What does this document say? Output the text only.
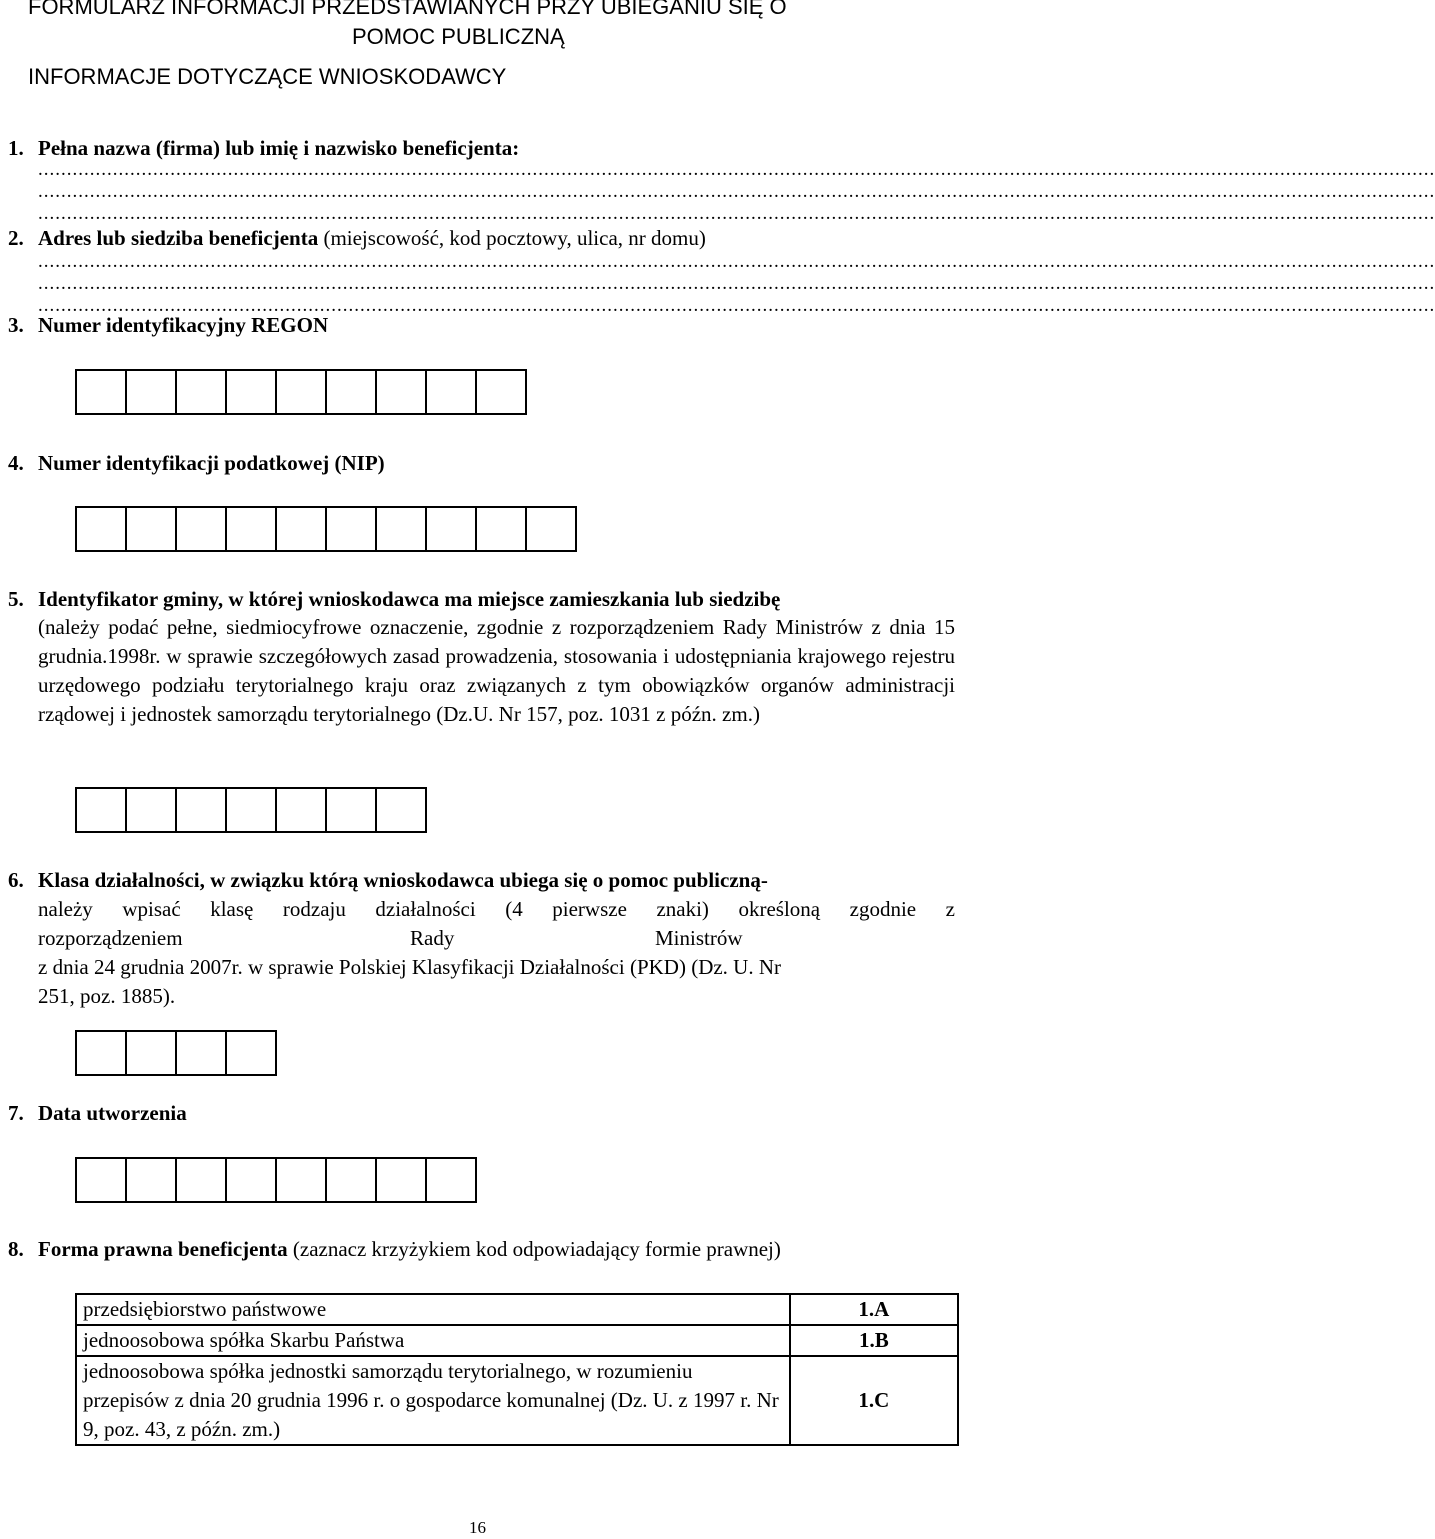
FORMULARZ INFORMACJI PRZEDSTAWIANYCH PRZY UBIEGANIU SIĘ O
POMOC PUBLICZNĄ
INFORMACJE DOTYCZĄCE WNIOSKODAWCY
1. Pełna nazwa (firma) lub imię i nazwisko beneficjenta:
...................................................................................................................................................................................................................................................
...................................................................................................................................................................................................................................................
...................................................................................................................................................................................................................................................
2. Adres lub siedziba beneficjenta (miejscowość, kod pocztowy, ulica, nr domu)
...................................................................................................................................................................................................................................................
...................................................................................................................................................................................................................................................
...................................................................................................................................................................................................................................................
3. Numer identyfikacyjny REGON
4. Numer identyfikacji podatkowej (NIP)
5. Identyfikator gminy, w której wnioskodawca ma miejsce zamieszkania lub siedzibę
(należy podać pełne, siedmiocyfrowe oznaczenie, zgodnie z rozporządzeniem Rady Ministrów z dnia 15 grudnia.1998r. w sprawie szczegółowych zasad prowadzenia, stosowania i udostępniania krajowego rejestru urzędowego podziału terytorialnego kraju oraz związanych z tym obowiązków organów administracji rządowej i jednostek samorządu terytorialnego (Dz.U. Nr 157, poz. 1031 z późn. zm.)
6. Klasa działalności, w związku którą wnioskodawca ubiega się o pomoc publiczną-
należy wpisać klasę rodzaju działalności (4 pierwsze znaki) określoną zgodnie z
rozporządzeniem	Rady	Ministrów
z dnia 24 grudnia 2007r. w sprawie Polskiej Klasyfikacji Działalności (PKD) (Dz. U. Nr
251, poz. 1885).
7. Data utworzenia
8. Forma prawna beneficjenta (zaznacz krzyżykiem kod odpowiadający formie prawnej)
przedsiębiorstwo państwowe	1.A
jednoosobowa spółka Skarbu Państwa	1.B
jednoosobowa spółka jednostki samorządu terytorialnego, w rozumieniu przepisów z dnia 20 grudnia 1996 r. o gospodarce komunalnej (Dz. U. z 1997 r. Nr 9, poz. 43, z późn. zm.)	1.C
16
